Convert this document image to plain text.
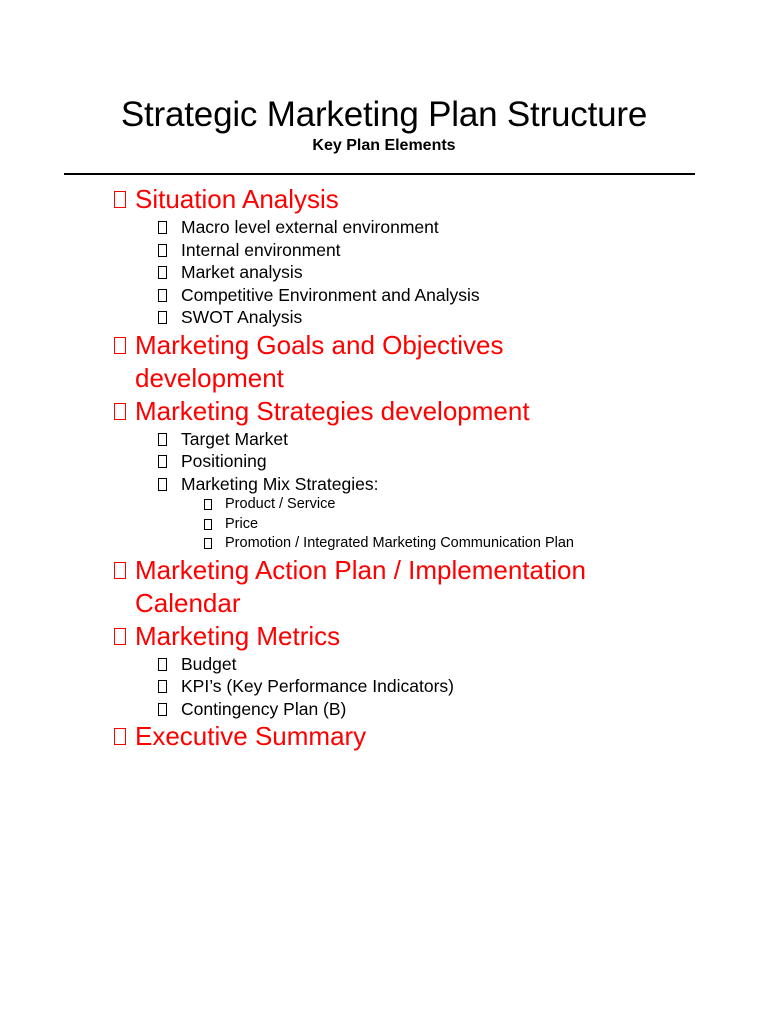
Strategic Marketing Plan Structure
Key Plan Elements
Situation Analysis
Macro level external environment
Internal environment
Market analysis
Competitive Environment and Analysis
SWOT Analysis
Marketing Goals and Objectives development
Marketing Strategies development
Target Market
Positioning
Marketing Mix Strategies:
Product / Service
Price
Promotion / Integrated Marketing Communication Plan
Marketing Action Plan / Implementation Calendar
Marketing Metrics
Budget
KPI’s (Key Performance Indicators)
Contingency Plan (B)
Executive Summary
